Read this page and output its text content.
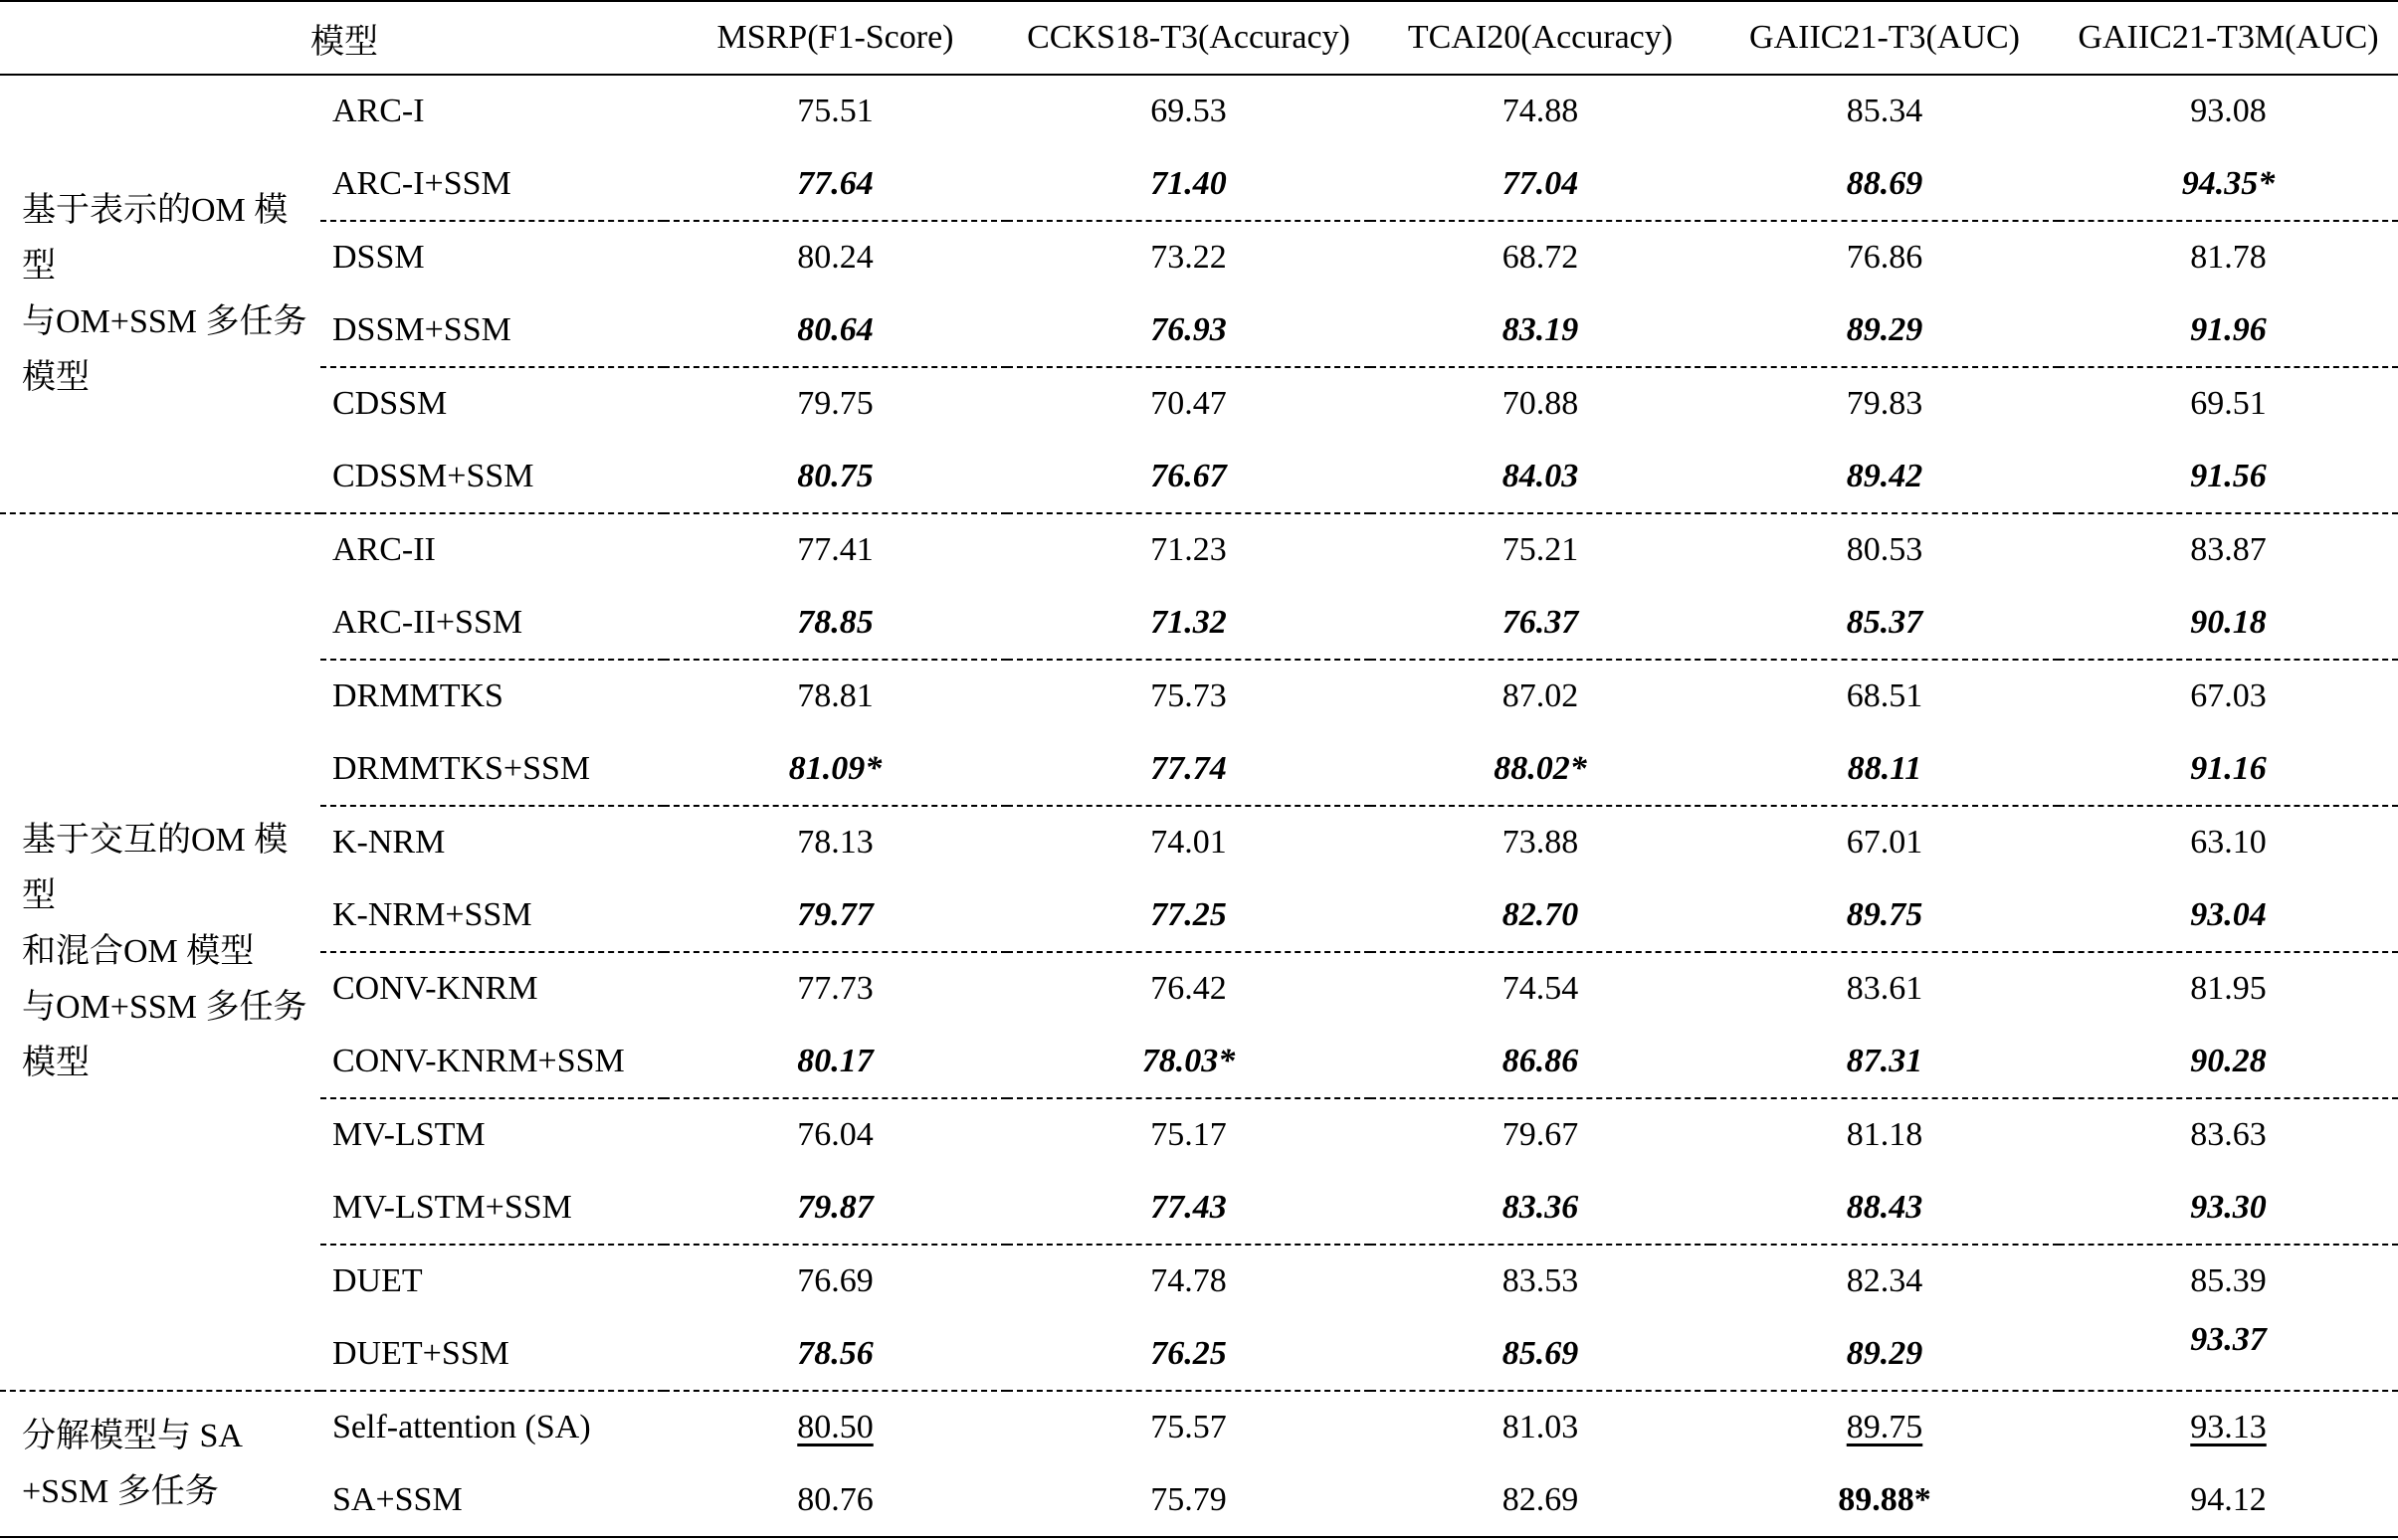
模型		MSRP(F1-Score)	CCKS18-T3(Accuracy)	TCAI20(Accuracy)	GAIIC21-T3(AUC)	GAIIC21-T3M(AUC)

基于表示的OM 模型
与OM+SSM 多任务
模型	ARC-I	75.51	69.53	74.88	85.34	93.08
	ARC-I+SSM	77.64	71.40	77.04	88.69	94.35*
	DSSM	80.24	73.22	68.72	76.86	81.78
	DSSM+SSM	80.64	76.93	83.19	89.29	91.96
	CDSSM	79.75	70.47	70.88	79.83	69.51
	CDSSM+SSM	80.75	76.67	84.03	89.42	91.56

基于交互的OM 模型
和混合OM 模型
与OM+SSM 多任务
模型	ARC-II	77.41	71.23	75.21	80.53	83.87
	ARC-II+SSM	78.85	71.32	76.37	85.37	90.18
	DRMMTKS	78.81	75.73	87.02	68.51	67.03
	DRMMTKS+SSM	81.09*	77.74	88.02*	88.11	91.16
	K-NRM	78.13	74.01	73.88	67.01	63.10
	K-NRM+SSM	79.77	77.25	82.70	89.75	93.04
	CONV-KNRM	77.73	76.42	74.54	83.61	81.95
	CONV-KNRM+SSM	80.17	78.03*	86.86	87.31	90.28
	MV-LSTM	76.04	75.17	79.67	81.18	83.63
	MV-LSTM+SSM	79.87	77.43	83.36	88.43	93.30
	DUET	76.69	74.78	83.53	82.34	85.39
	DUET+SSM	78.56	76.25	85.69	89.29	93.37

分解模型与 SA
+SSM 多任务	Self-attention (SA)	80.50	75.57	81.03	89.75	93.13
	SA+SSM	80.76	75.79	82.69	89.88*	94.12
